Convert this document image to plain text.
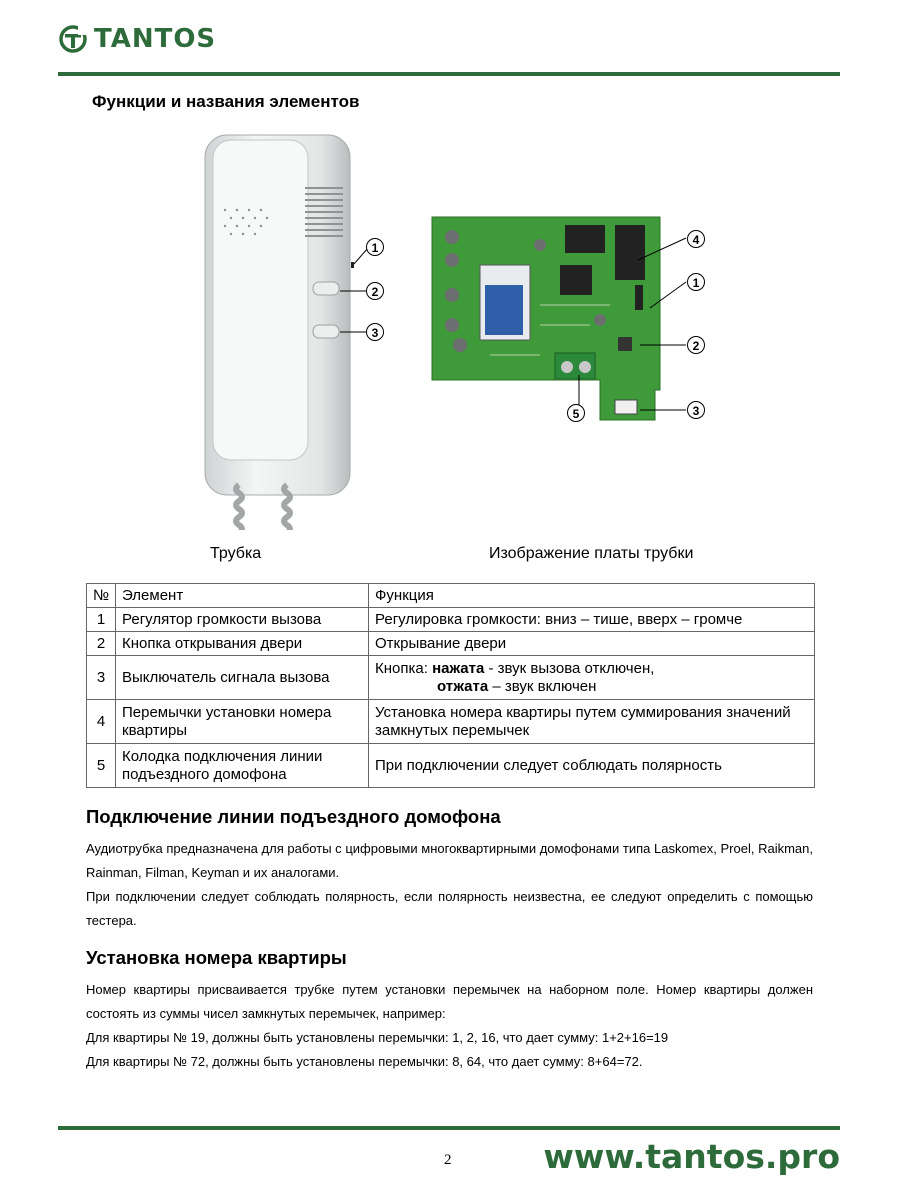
TANTOS
Функции и названия элементов
1
2
3
4
1
2
3
5
Трубка	Изображение платы трубки
№	Элемент	Функция
1	Регулятор громкости вызова	Регулировка громкости: вниз – тише, вверх – громче
2	Кнопка открывания двери	Открывание двери
3	Выключатель сигнала вызова	Кнопка: нажата - звук вызова отключен,
отжата – звук включен

4	Перемычки установки номера квартиры	Установка номера квартиры путем суммирования значений замкнутых перемычек
5	Колодка подключения линии подъездного домофона	При подключении следует соблюдать полярность
Подключение линии подъездного домофона

Аудиотрубка предназначена для работы с цифровыми многоквартирными домофонами типа Laskomex, Proel, Raikman, Rainman, Filman, Keyman и их аналогами.

При подключении следует соблюдать полярность, если полярность неизвестна, ее следуют определить с помощью тестера.

Установка номера квартиры

Номер квартиры присваивается трубке путем установки перемычек на наборном поле. Номер квартиры должен состоять из суммы чисел замкнутых перемычек, например:

Для квартиры № 19, должны быть установлены перемычки: 1, 2, 16, что дает сумму: 1+2+16=19

Для квартиры № 72, должны быть установлены перемычки: 8, 64, что дает сумму: 8+64=72.

2	www.tantos.pro
